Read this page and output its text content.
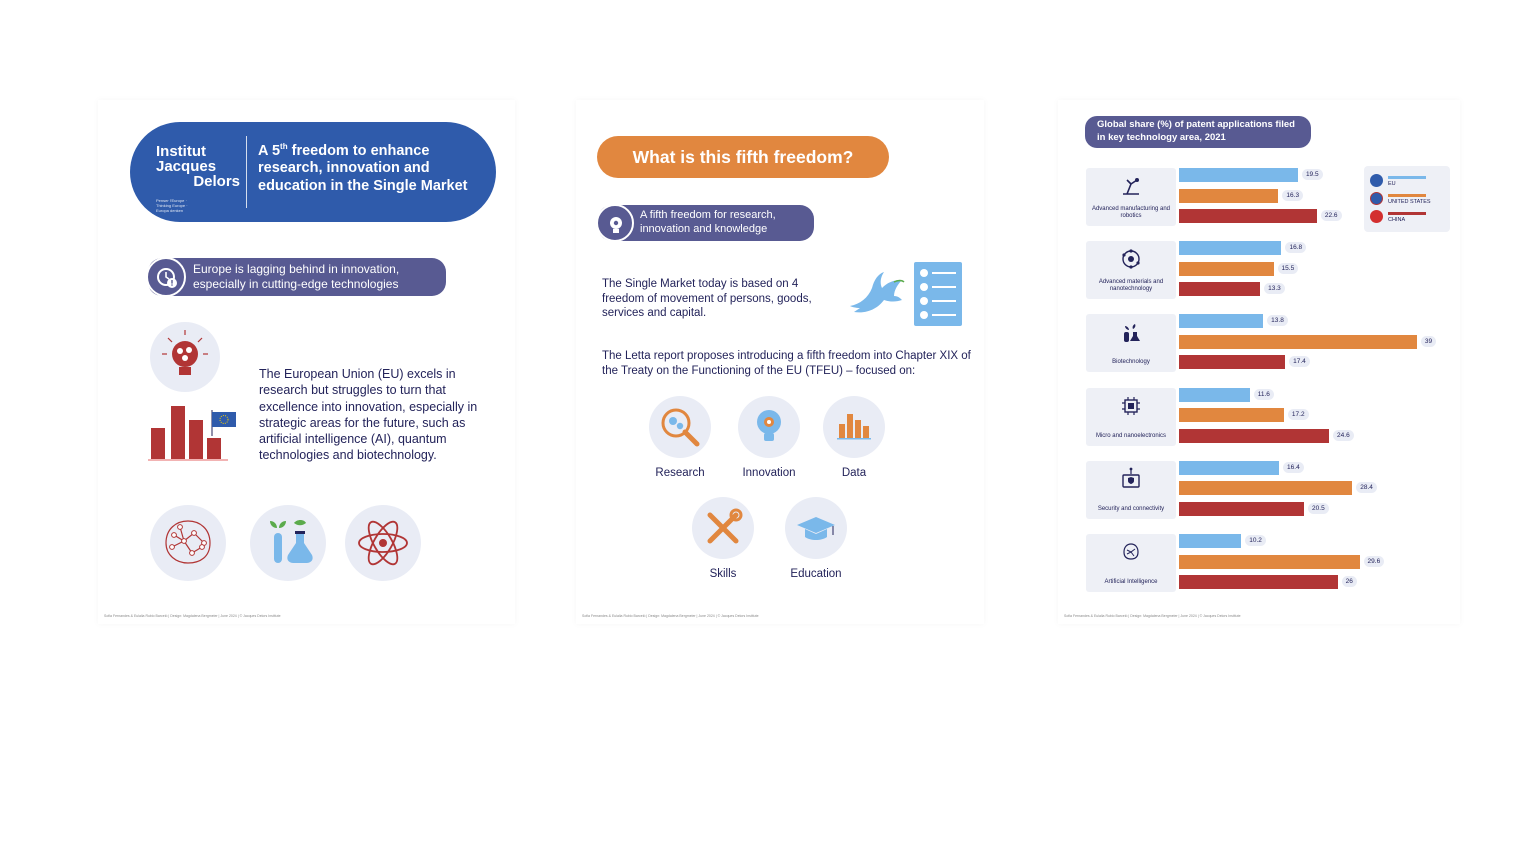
Institut
Jacques
Delors
Penser l'Europe · Thinking Europe · Europa denken
A 5th freedom to enhance research, innovation and education in the Single Market
Europe is lagging behind in innovation, especially in cutting-edge technologies
The European Union (EU) excels in research but struggles to turn that excellence into innovation, especially in strategic areas for the future, such as artificial intelligence (AI), quantum technologies and biotechnology.
Sofia Fernandes & Eulalia Rubio Barceló | Design: Magdalena Bergmeier | June 2024 | © Jacques Delors Institute
What is this fifth freedom?
A fifth freedom for research, innovation and knowledge
The Single Market today is based on 4 freedom of movement of persons, goods, services and capital.
The Letta report proposes introducing a fifth freedom into Chapter XIX of the Treaty on the Functioning of the EU (TFEU) – focused on:
Research	Innovation	Data
Skills	Education
Sofia Fernandes & Eulalia Rubio Barceló | Design: Magdalena Bergmeier | June 2024 | © Jacques Delors Institute
Global share (%) of patent applications filed in key technology area, 2021
EU
UNITED STATES
CHINA
Sofia Fernandes & Eulalia Rubio Barceló | Design: Magdalena Bergmeier | June 2024 | © Jacques Delors Institute
Advanced manufacturing and robotics
19.5
16.3
22.6
Advanced materials and nanotechnology
16.8
15.5
13.3
Biotechnology
13.8
39
17.4
Micro and nanoelectronics
11.6
17.2
24.6
Security and connectivity
16.4
28.4
20.5
Artificial Intelligence
10.2
29.6
26
